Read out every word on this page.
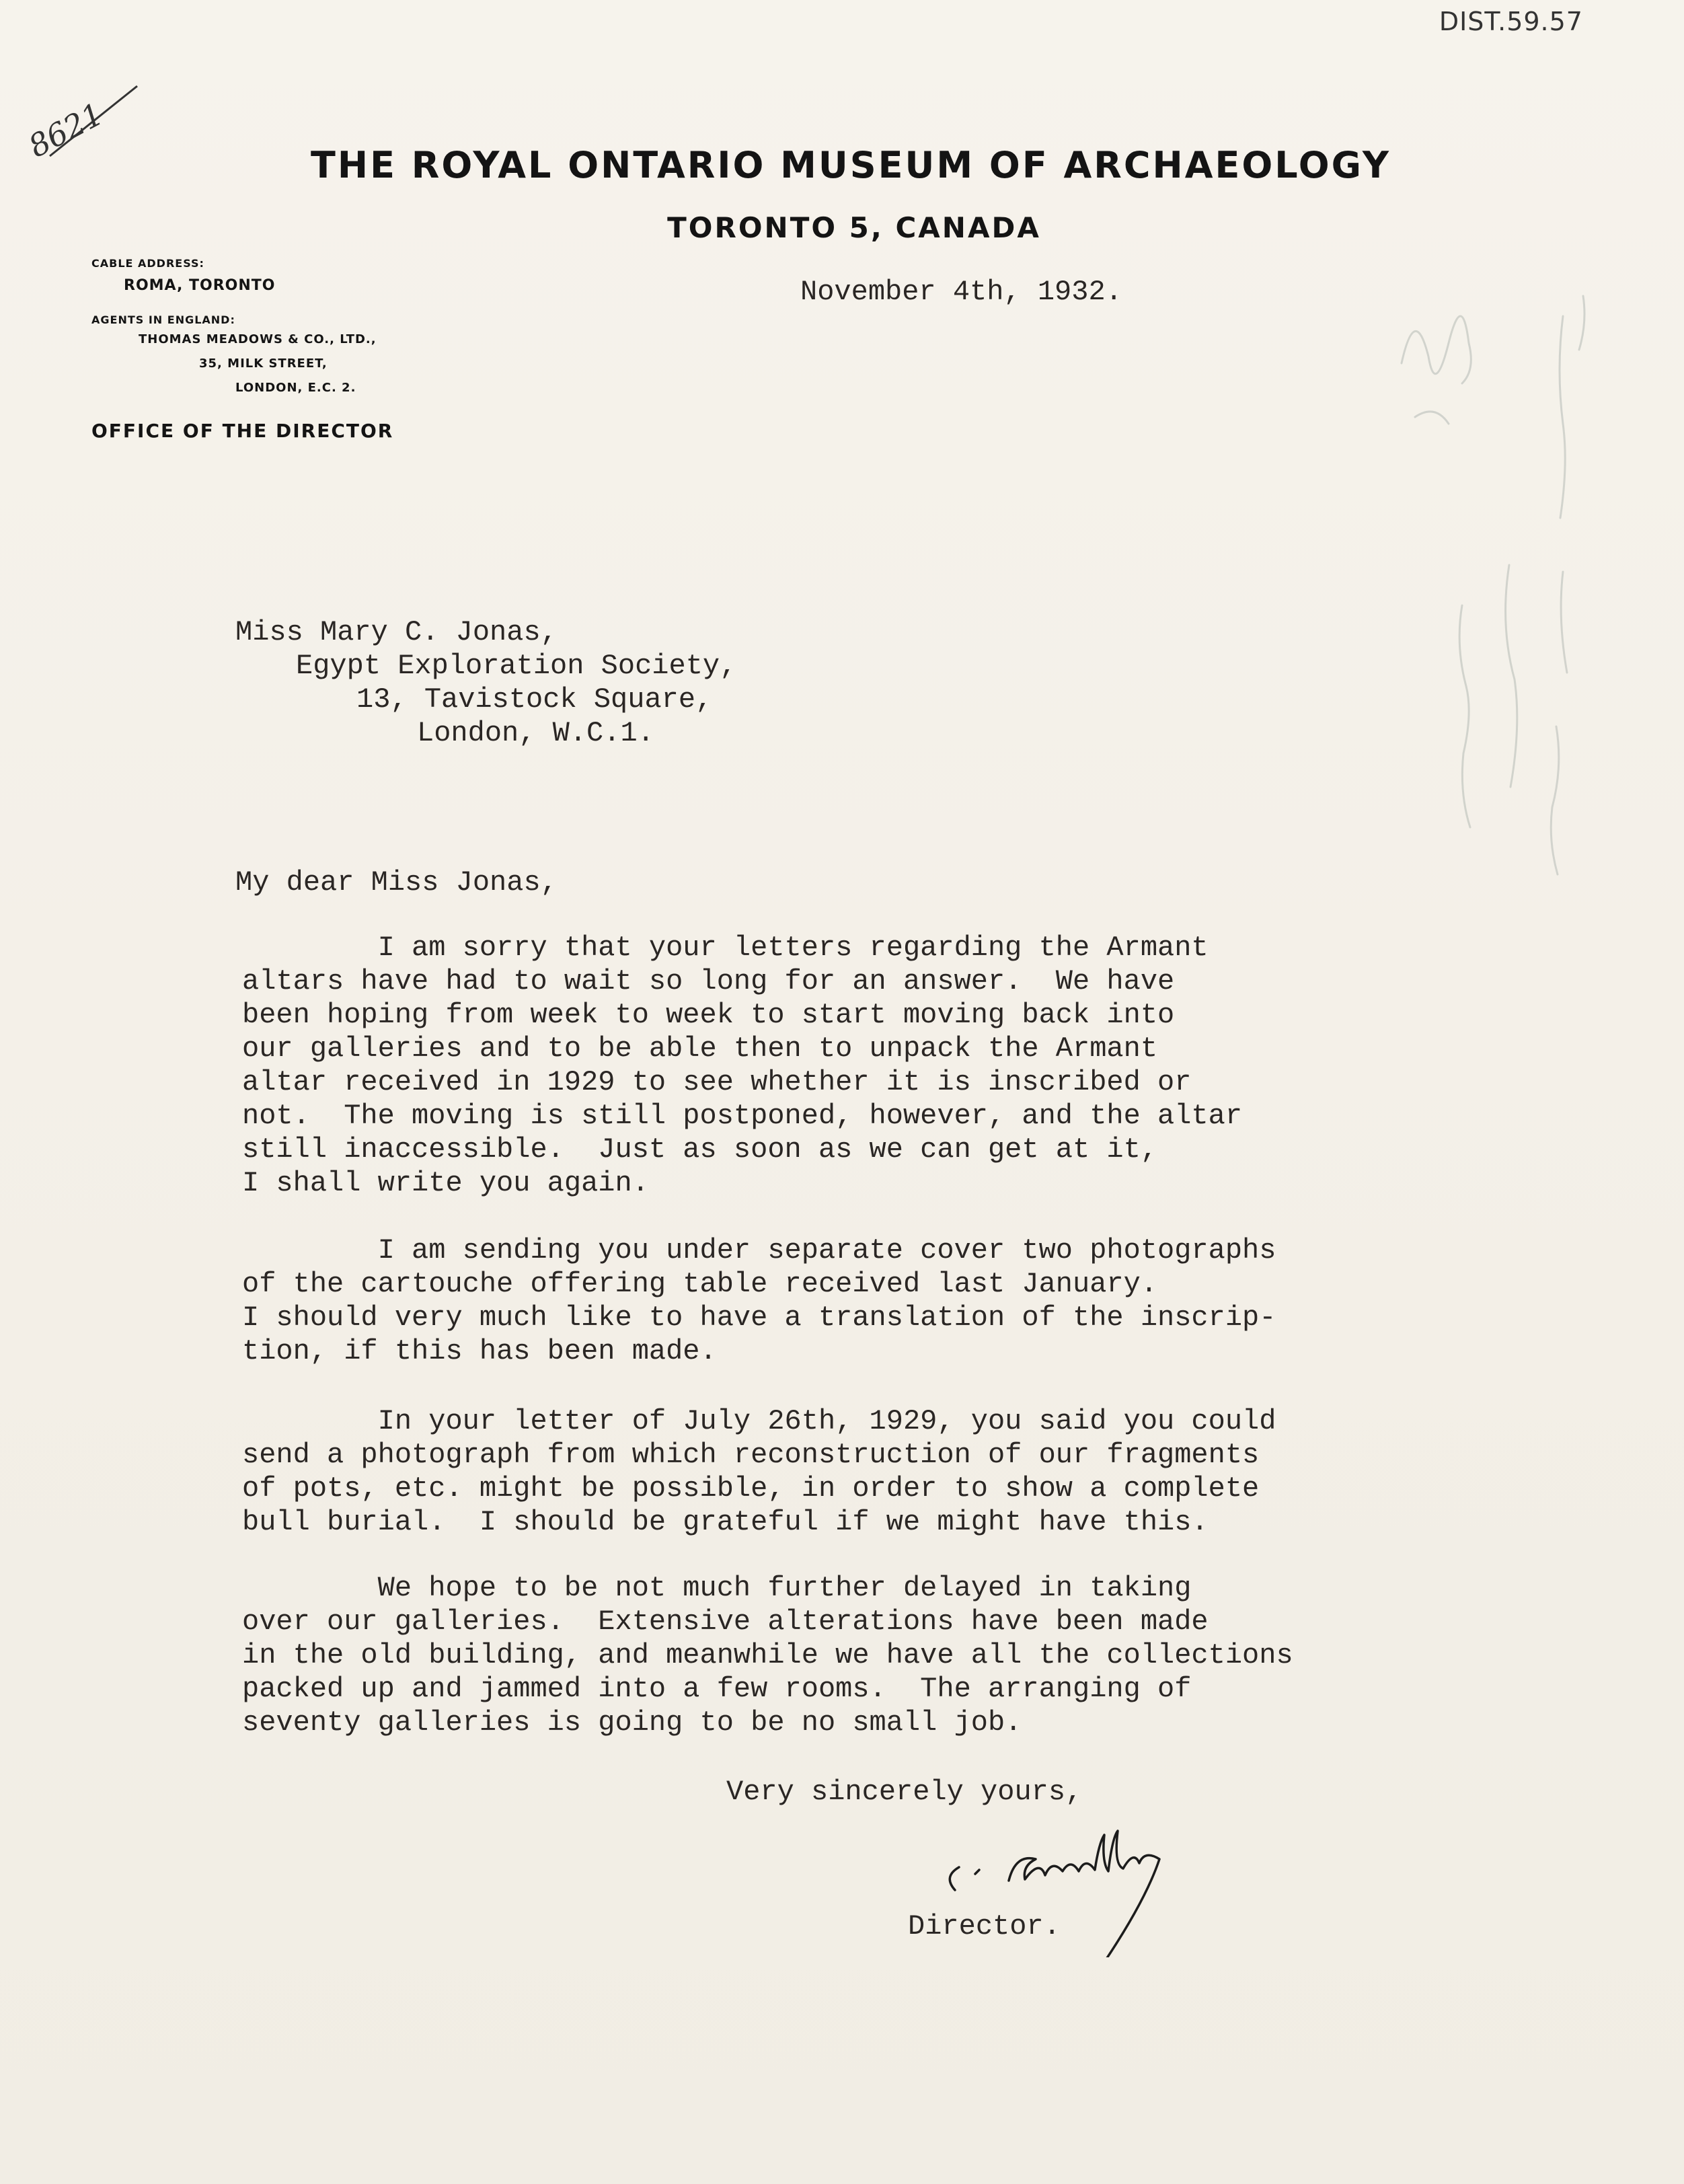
DIST.59.57
8621
THE ROYAL ONTARIO MUSEUM OF ARCHAEOLOGY
TORONTO 5, CANADA
CABLE ADDRESS:
ROMA, TORONTO
AGENTS IN ENGLAND:
THOMAS MEADOWS & CO., LTD.,
35, MILK STREET,
LONDON, E.C. 2.
OFFICE OF THE DIRECTOR
November 4th, 1932.
Miss Mary C. Jonas,
Egypt Exploration Society,
13, Tavistock Square,
London, W.C.1.
My dear Miss Jonas,
I am sorry that your letters regarding the Armant
altars have had to wait so long for an answer.  We have
been hoping from week to week to start moving back into
our galleries and to be able then to unpack the Armant
altar received in 1929 to see whether it is inscribed or
not.  The moving is still postponed, however, and the altar
still inaccessible.  Just as soon as we can get at it,
I shall write you again.
I am sending you under separate cover two photographs
of the cartouche offering table received last January.
I should very much like to have a translation of the inscrip-
tion, if this has been made.
In your letter of July 26th, 1929, you said you could
send a photograph from which reconstruction of our fragments
of pots, etc. might be possible, in order to show a complete
bull burial.  I should be grateful if we might have this.
We hope to be not much further delayed in taking
over our galleries.  Extensive alterations have been made
in the old building, and meanwhile we have all the collections
packed up and jammed into a few rooms.  The arranging of
seventy galleries is going to be no small job.
Very sincerely yours,
Director.
